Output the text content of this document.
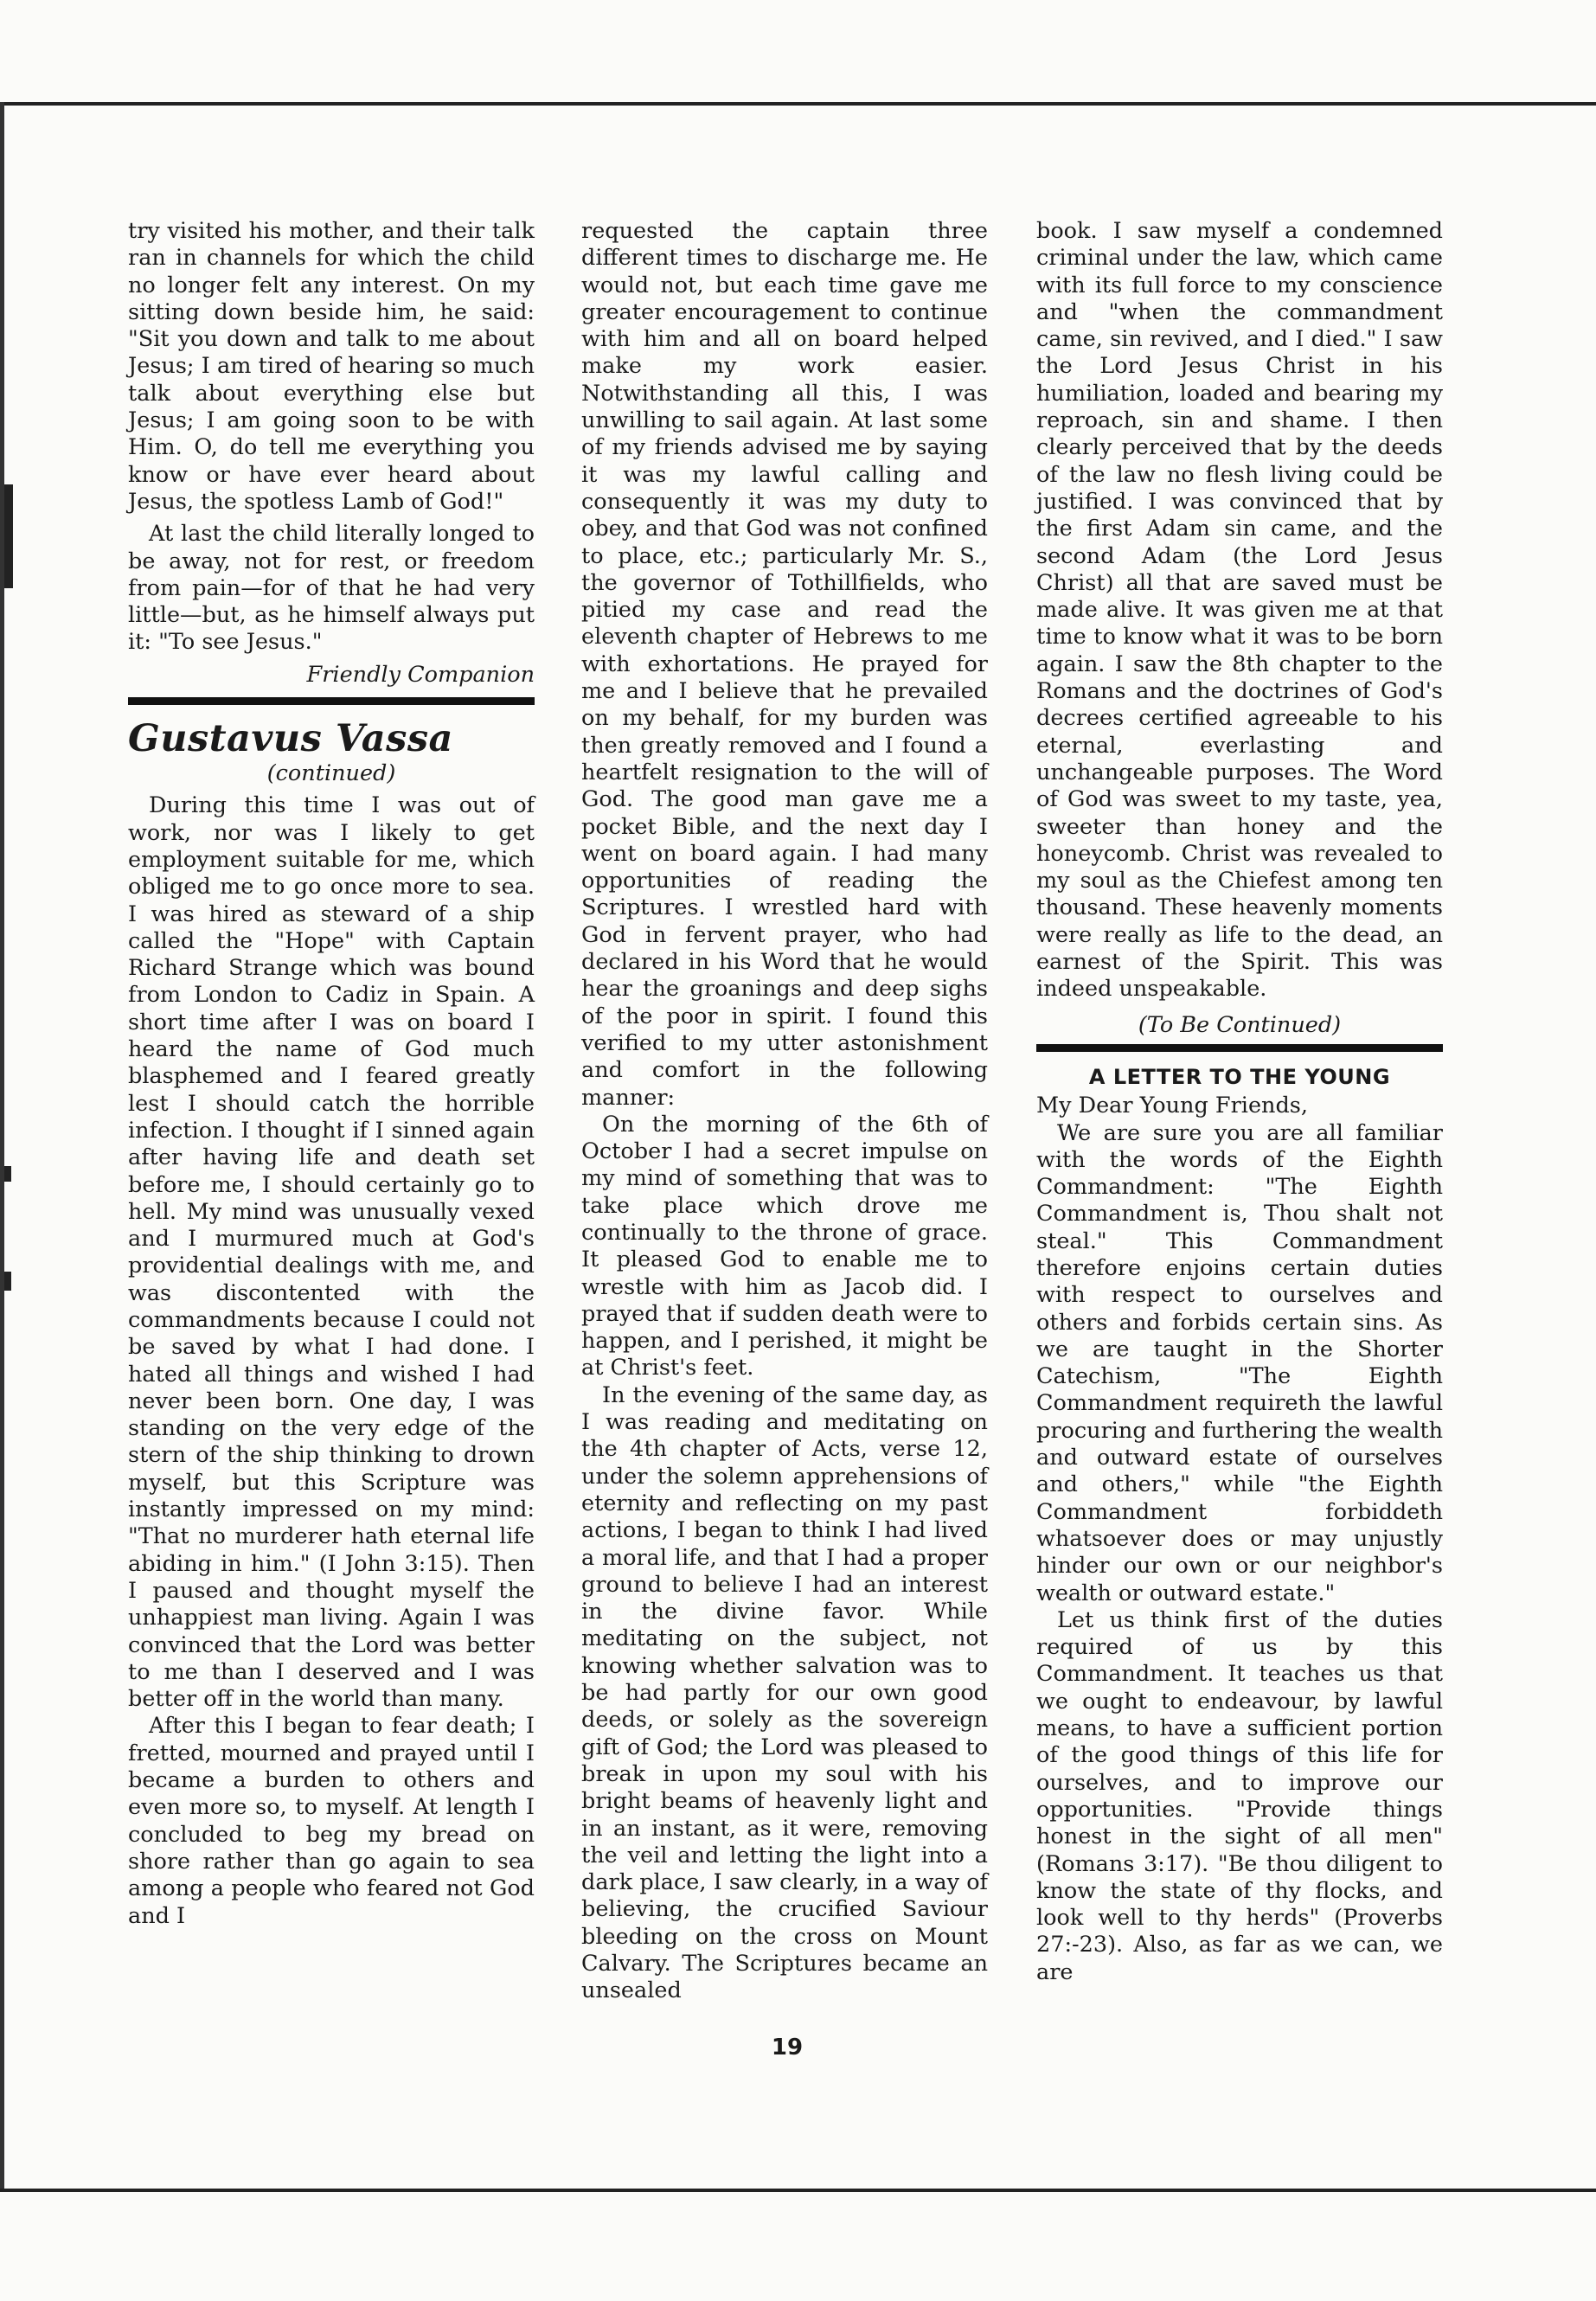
try visited his mother, and their talk ran in channels for which the child no longer felt any interest. On my sitting down beside him, he said: "Sit you down and talk to me about Jesus; I am tired of hearing so much talk about everything else but Jesus; I am going soon to be with Him. O, do tell me everything you know or have ever heard about Jesus, the spotless Lamb of God!"

At last the child literally longed to be away, not for rest, or freedom from pain—for of that he had very little—but, as he himself always put it: "To see Jesus."

Friendly Companion
Gustavus Vassa
(continued)

During this time I was out of work, nor was I likely to get employment suitable for me, which obliged me to go once more to sea. I was hired as steward of a ship called the "Hope" with Captain Richard Strange which was bound from London to Cadiz in Spain. A short time after I was on board I heard the name of God much blasphemed and I feared greatly lest I should catch the horrible infection. I thought if I sinned again after having life and death set before me, I should certainly go to hell. My mind was unusually vexed and I murmured much at God's providential dealings with me, and was discontented with the commandments because I could not be saved by what I had done. I hated all things and wished I had never been born. One day, I was standing on the very edge of the stern of the ship thinking to drown myself, but this Scripture was instantly impressed on my mind: "That no murderer hath eternal life abiding in him." (I John 3:15). Then I paused and thought myself the unhappiest man living. Again I was convinced that the Lord was better to me than I deserved and I was better off in the world than many.

After this I began to fear death; I fretted, mourned and prayed until I became a burden to others and even more so, to myself. At length I concluded to beg my bread on shore rather than go again to sea among a people who feared not God and I

requested the captain three different times to discharge me. He would not, but each time gave me greater encouragement to continue with him and all on board helped make my work easier. Notwithstanding all this, I was unwilling to sail again. At last some of my friends advised me by saying it was my lawful calling and consequently it was my duty to obey, and that God was not confined to place, etc.; particularly Mr. S., the governor of Tothillfields, who pitied my case and read the eleventh chapter of Hebrews to me with exhortations. He prayed for me and I believe that he prevailed on my behalf, for my burden was then greatly removed and I found a heartfelt resignation to the will of God. The good man gave me a pocket Bible, and the next day I went on board again. I had many opportunities of reading the Scriptures. I wrestled hard with God in fervent prayer, who had declared in his Word that he would hear the groanings and deep sighs of the poor in spirit. I found this verified to my utter astonishment and comfort in the following manner:

On the morning of the 6th of October I had a secret impulse on my mind of something that was to take place which drove me continually to the throne of grace. It pleased God to enable me to wrestle with him as Jacob did. I prayed that if sudden death were to happen, and I perished, it might be at Christ's feet.

In the evening of the same day, as I was reading and meditating on the 4th chapter of Acts, verse 12, under the solemn apprehensions of eternity and reflecting on my past actions, I began to think I had lived a moral life, and that I had a proper ground to believe I had an interest in the divine favor. While meditating on the subject, not knowing whether salvation was to be had partly for our own good deeds, or solely as the sovereign gift of God; the Lord was pleased to break in upon my soul with his bright beams of heavenly light and in an instant, as it were, removing the veil and letting the light into a dark place, I saw clearly, in a way of believing, the crucified Saviour bleeding on the cross on Mount Calvary. The Scriptures became an unsealed

book. I saw myself a condemned criminal under the law, which came with its full force to my conscience and "when the commandment came, sin revived, and I died." I saw the Lord Jesus Christ in his humiliation, loaded and bearing my reproach, sin and shame. I then clearly perceived that by the deeds of the law no flesh living could be justified. I was convinced that by the first Adam sin came, and the second Adam (the Lord Jesus Christ) all that are saved must be made alive. It was given me at that time to know what it was to be born again. I saw the 8th chapter to the Romans and the doctrines of God's decrees certified agreeable to his eternal, everlasting and unchangeable purposes. The Word of God was sweet to my taste, yea, sweeter than honey and the honeycomb. Christ was revealed to my soul as the Chiefest among ten thousand. These heavenly moments were really as life to the dead, an earnest of the Spirit. This was indeed unspeakable.

(To Be Continued)
A LETTER TO THE YOUNG

My Dear Young Friends,

We are sure you are all familiar with the words of the Eighth Commandment: "The Eighth Commandment is, Thou shalt not steal." This Commandment therefore enjoins certain duties with respect to ourselves and others and forbids certain sins. As we are taught in the Shorter Catechism, "The Eighth Commandment requireth the lawful procuring and furthering the wealth and outward estate of ourselves and others," while "the Eighth Commandment forbiddeth whatsoever does or may unjustly hinder our own or our neighbor's wealth or outward estate."

Let us think first of the duties required of us by this Commandment. It teaches us that we ought to endeavour, by lawful means, to have a sufficient portion of the good things of this life for ourselves, and to improve our opportunities. "Provide things honest in the sight of all men" (Romans 3:17). "Be thou diligent to know the state of thy flocks, and look well to thy herds" (Proverbs 27:-23). Also, as far as we can, we are

19
